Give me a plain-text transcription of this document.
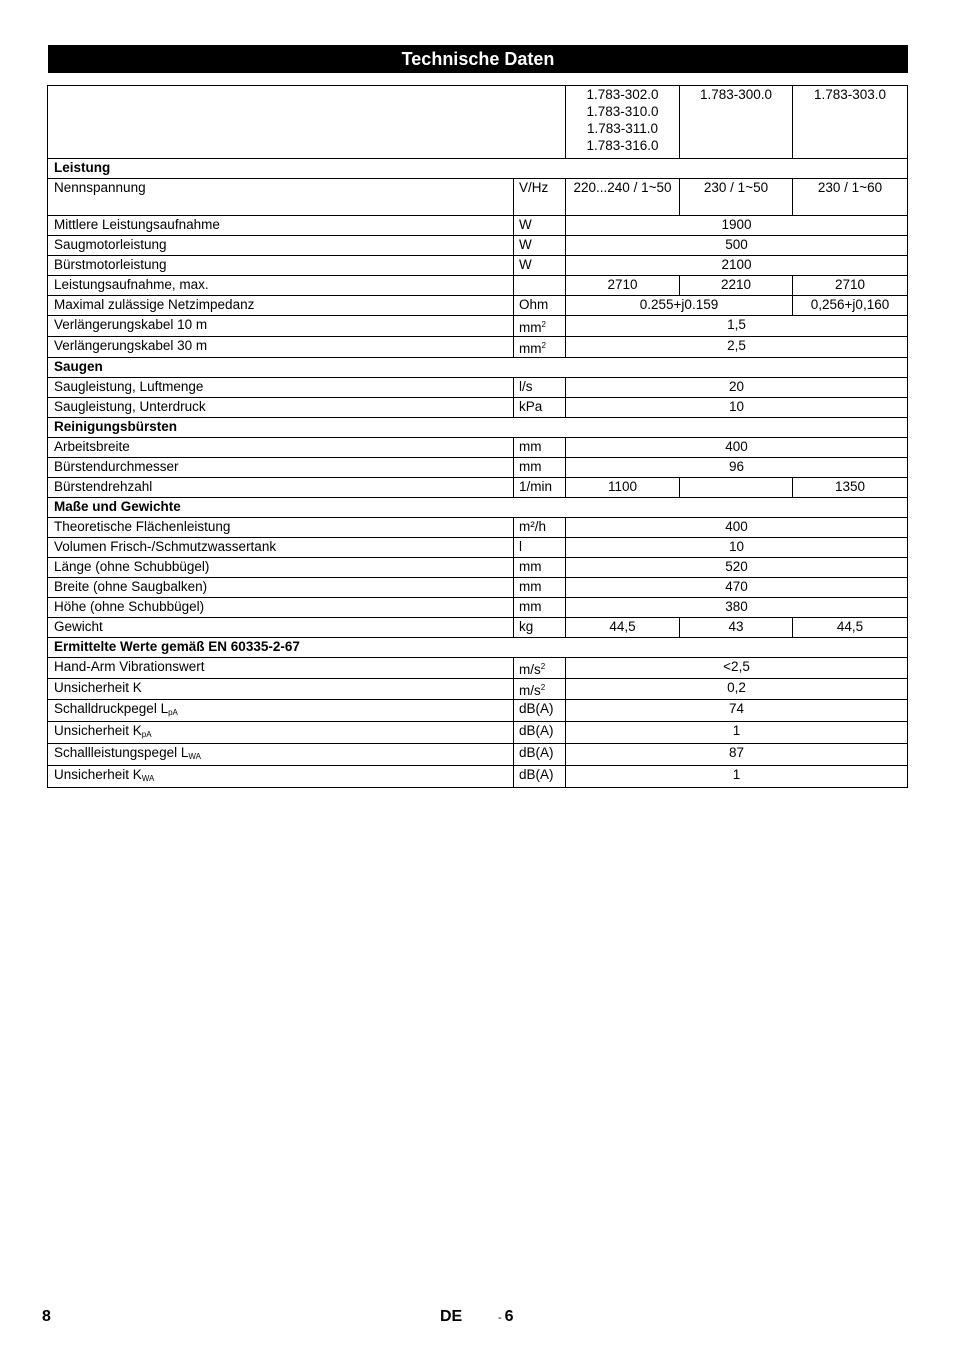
Technische Daten

		1.783-302.0
1.783-310.0
1.783-311.0
1.783-316.0	1.783-300.0	1.783-303.0

Leistung				
Nennspannung	V/Hz	220...240 / 1~50	230 / 1~50	230 / 1~60
Mittlere Leistungsaufnahme	W	1900		
Saugmotorleistung	W	500		
Bürstmotorleistung	W	2100		
Leistungsaufnahme, max.		2710	2210	2710
Maximal zulässige Netzimpedanz	Ohm	0.255+j0.159		0,256+j0,160
Verlängerungskabel 10 m	$mm^2$	1,5		
Verlängerungskabel 30 m	$mm^2$	2,5		
Saugen				
Saugleistung, Luftmenge	l/s	20		
Saugleistung, Unterdruck	kPa	10		
Reinigungsbürsten				
Arbeitsbreite	mm	400		
Bürstendurchmesser	mm	96		
Bürstendrehzahl	1/min	1100		1350
Maße und Gewichte				
Theoretische Flächenleistung	m²/h	400		
Volumen Frisch-/Schmutzwassertank	l	10		
Länge (ohne Schubbügel)	mm	520		
Breite (ohne Saugbalken)	mm	470		
Höhe (ohne Schubbügel)	mm	380		
Gewicht	kg	44,5	43	44,5
Ermittelte Werte gemäß EN 60335-2-67				
Hand-Arm Vibrationswert	$m/s^2$	<2,5		
Unsicherheit K	$m/s^2$	0,2		
Schalldruckpegel $L_{pA}$	dB(A)	74		
Unsicherheit $K_{pA}$	dB(A)	1		
Schallleistungspegel $L_{WA}$	dB(A)	87		
Unsicherheit $K_{WA}$	dB(A)	1		
8	DE	- 6
